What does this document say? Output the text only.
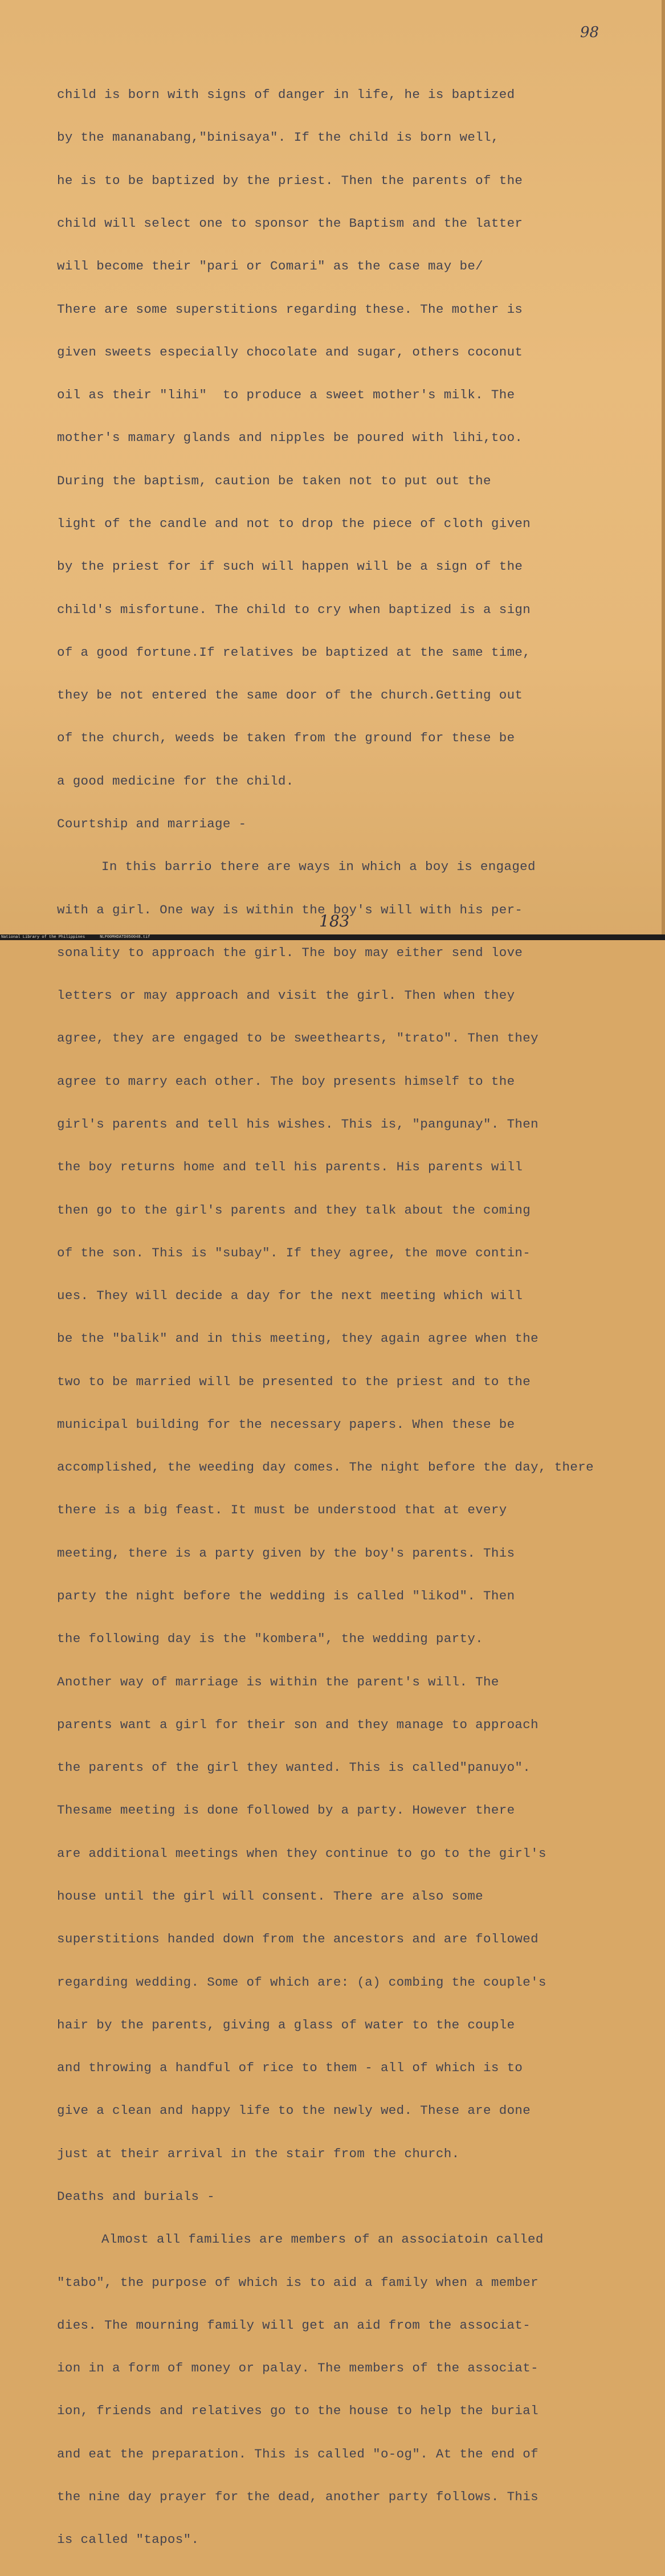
98

child is born with signs of danger in life, he is baptized

by the mananabang,"binisaya". If the child is born well,

he is to be baptized by the priest. Then the parents of the

child will select one to sponsor the Baptism and the latter

will become their "pari or Comari" as the case may be/

There are some superstitions regarding these. The mother is

given sweets especially chocolate and sugar, others coconut

oil as their "lihi"  to produce a sweet mother's milk. The

mother's mamary glands and nipples be poured with lihi,too.

During the baptism, caution be taken not to put out the

light of the candle and not to drop the piece of cloth given

by the priest for if such will happen will be a sign of the

child's misfortune. The child to cry when baptized is a sign

of a good fortune.If relatives be baptized at the same time,

they be not entered the same door of the church.Getting out

of the church, weeds be taken from the ground for these be

a good medicine for the child.

Courtship and marriage -

In this barrio there are ways in which a boy is engaged

with a girl. One way is within the boy's will with his per-

sonality to approach the girl. The boy may either send love

letters or may approach and visit the girl. Then when they

agree, they are engaged to be sweethearts, "trato". Then they

agree to marry each other. The boy presents himself to the

girl's parents and tell his wishes. This is, "pangunay". Then

the boy returns home and tell his parents. His parents will

then go to the girl's parents and they talk about the coming

of the son. This is "subay". If they agree, the move contin-

ues. They will decide a day for the next meeting which will

be the "balik" and in this meeting, they again agree when the

two to be married will be presented to the priest and to the

municipal building for the necessary papers. When these be

accomplished, the weeding day comes. The night before the day, there

there is a big feast. It must be understood that at every

meeting, there is a party given by the boy's parents. This

party the night before the wedding is called "likod". Then

the following day is the "kombera", the wedding party.

Another way of marriage is within the parent's will. The

parents want a girl for their son and they manage to approach

the parents of the girl they wanted. This is called"panuyo".

Thesame meeting is done followed by a party. However there

are additional meetings when they continue to go to the girl's

house until the girl will consent. There are also some

superstitions handed down from the ancestors and are followed

regarding wedding. Some of which are: (a) combing the couple's

hair by the parents, giving a glass of water to the couple

and throwing a handful of rice to them - all of which is to

give a clean and happy life to the newly wed. These are done

just at their arrival in the stair from the church.

Deaths and burials -

Almost all families are members of an associatoin called

"tabo", the purpose of which is to aid a family when a member

dies. The mourning family will get an aid from the associat-

ion in a form of money or palay. The members of the associat-

ion, friends and relatives go to the house to help the burial

and eat the preparation. This is called "o-og". At the end of

the nine day prayer for the dead, another party follows. This

is called "tapos".

183

National Library of the Philippines	NLP00MHDATD050048.tif
